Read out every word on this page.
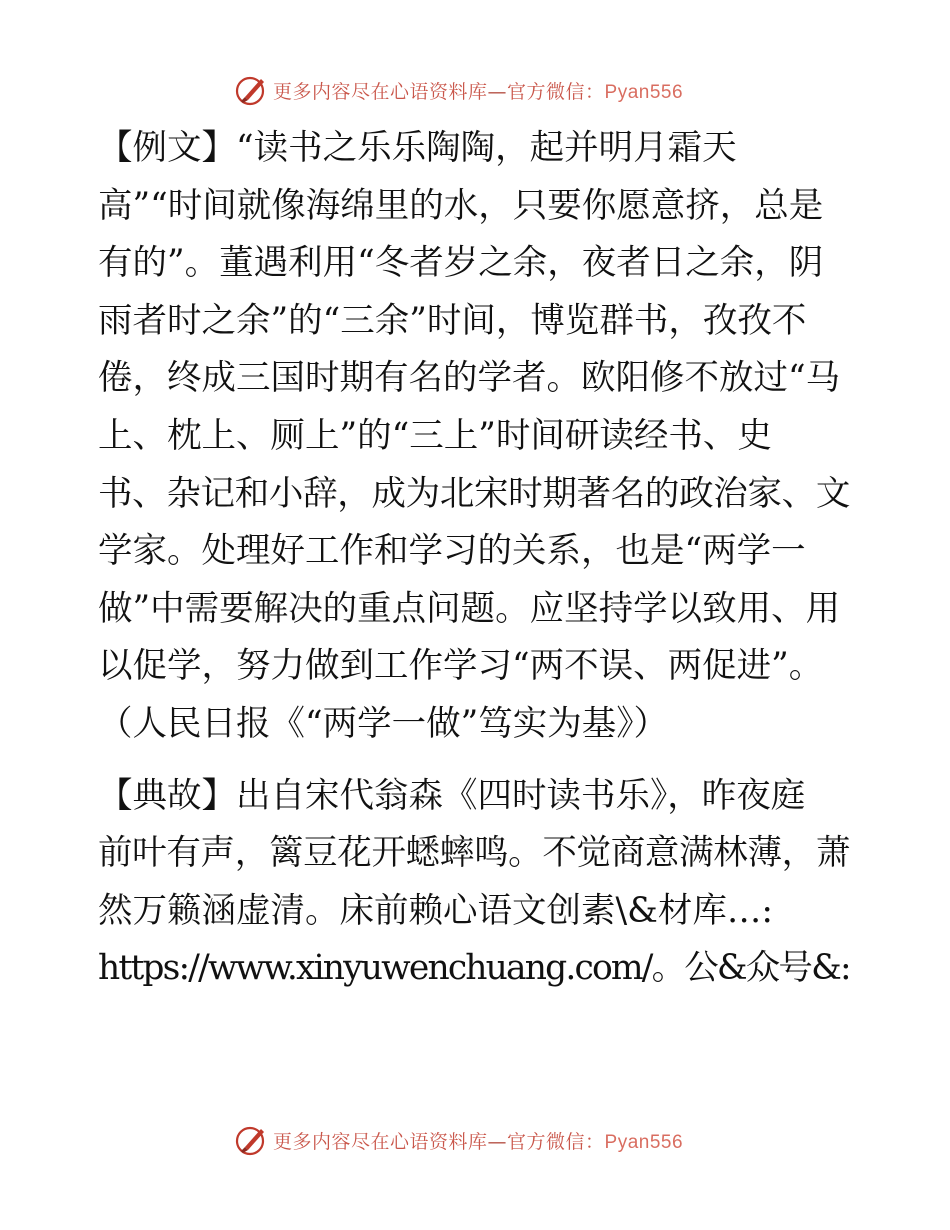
更多内容尽在心语资料库—官方微信：Pyan556
【例文】“读书之乐乐陶陶，起并明月霜天
高”“时间就像海绵里的水，只要你愿意挤，总是
有的”。董遇利用“冬者岁之余，夜者日之余，阴
雨者时之余”的“三余”时间，博览群书，孜孜不
倦，终成三国时期有名的学者。欧阳修不放过“马
上、枕上、厕上”的“三上”时间研读经书、史
书、杂记和小辞，成为北宋时期著名的政治家、文
学家。处理好工作和学习的关系，也是“两学一
做”中需要解决的重点问题。应坚持学以致用、用
以促学，努力做到工作学习“两不误、两促进”。
（人民日报《“两学一做”笃实为基》）
【典故】出自宋代翁森《四时读书乐》，昨夜庭
前叶有声，篱豆花开蟋蟀鸣。不觉商意满林薄，萧
然万籁涵虚清。床前赖心语文创素\&材库…:
https://www.xinyuwenchuang.com/。公&众号&:
更多内容尽在心语资料库—官方微信：Pyan556
